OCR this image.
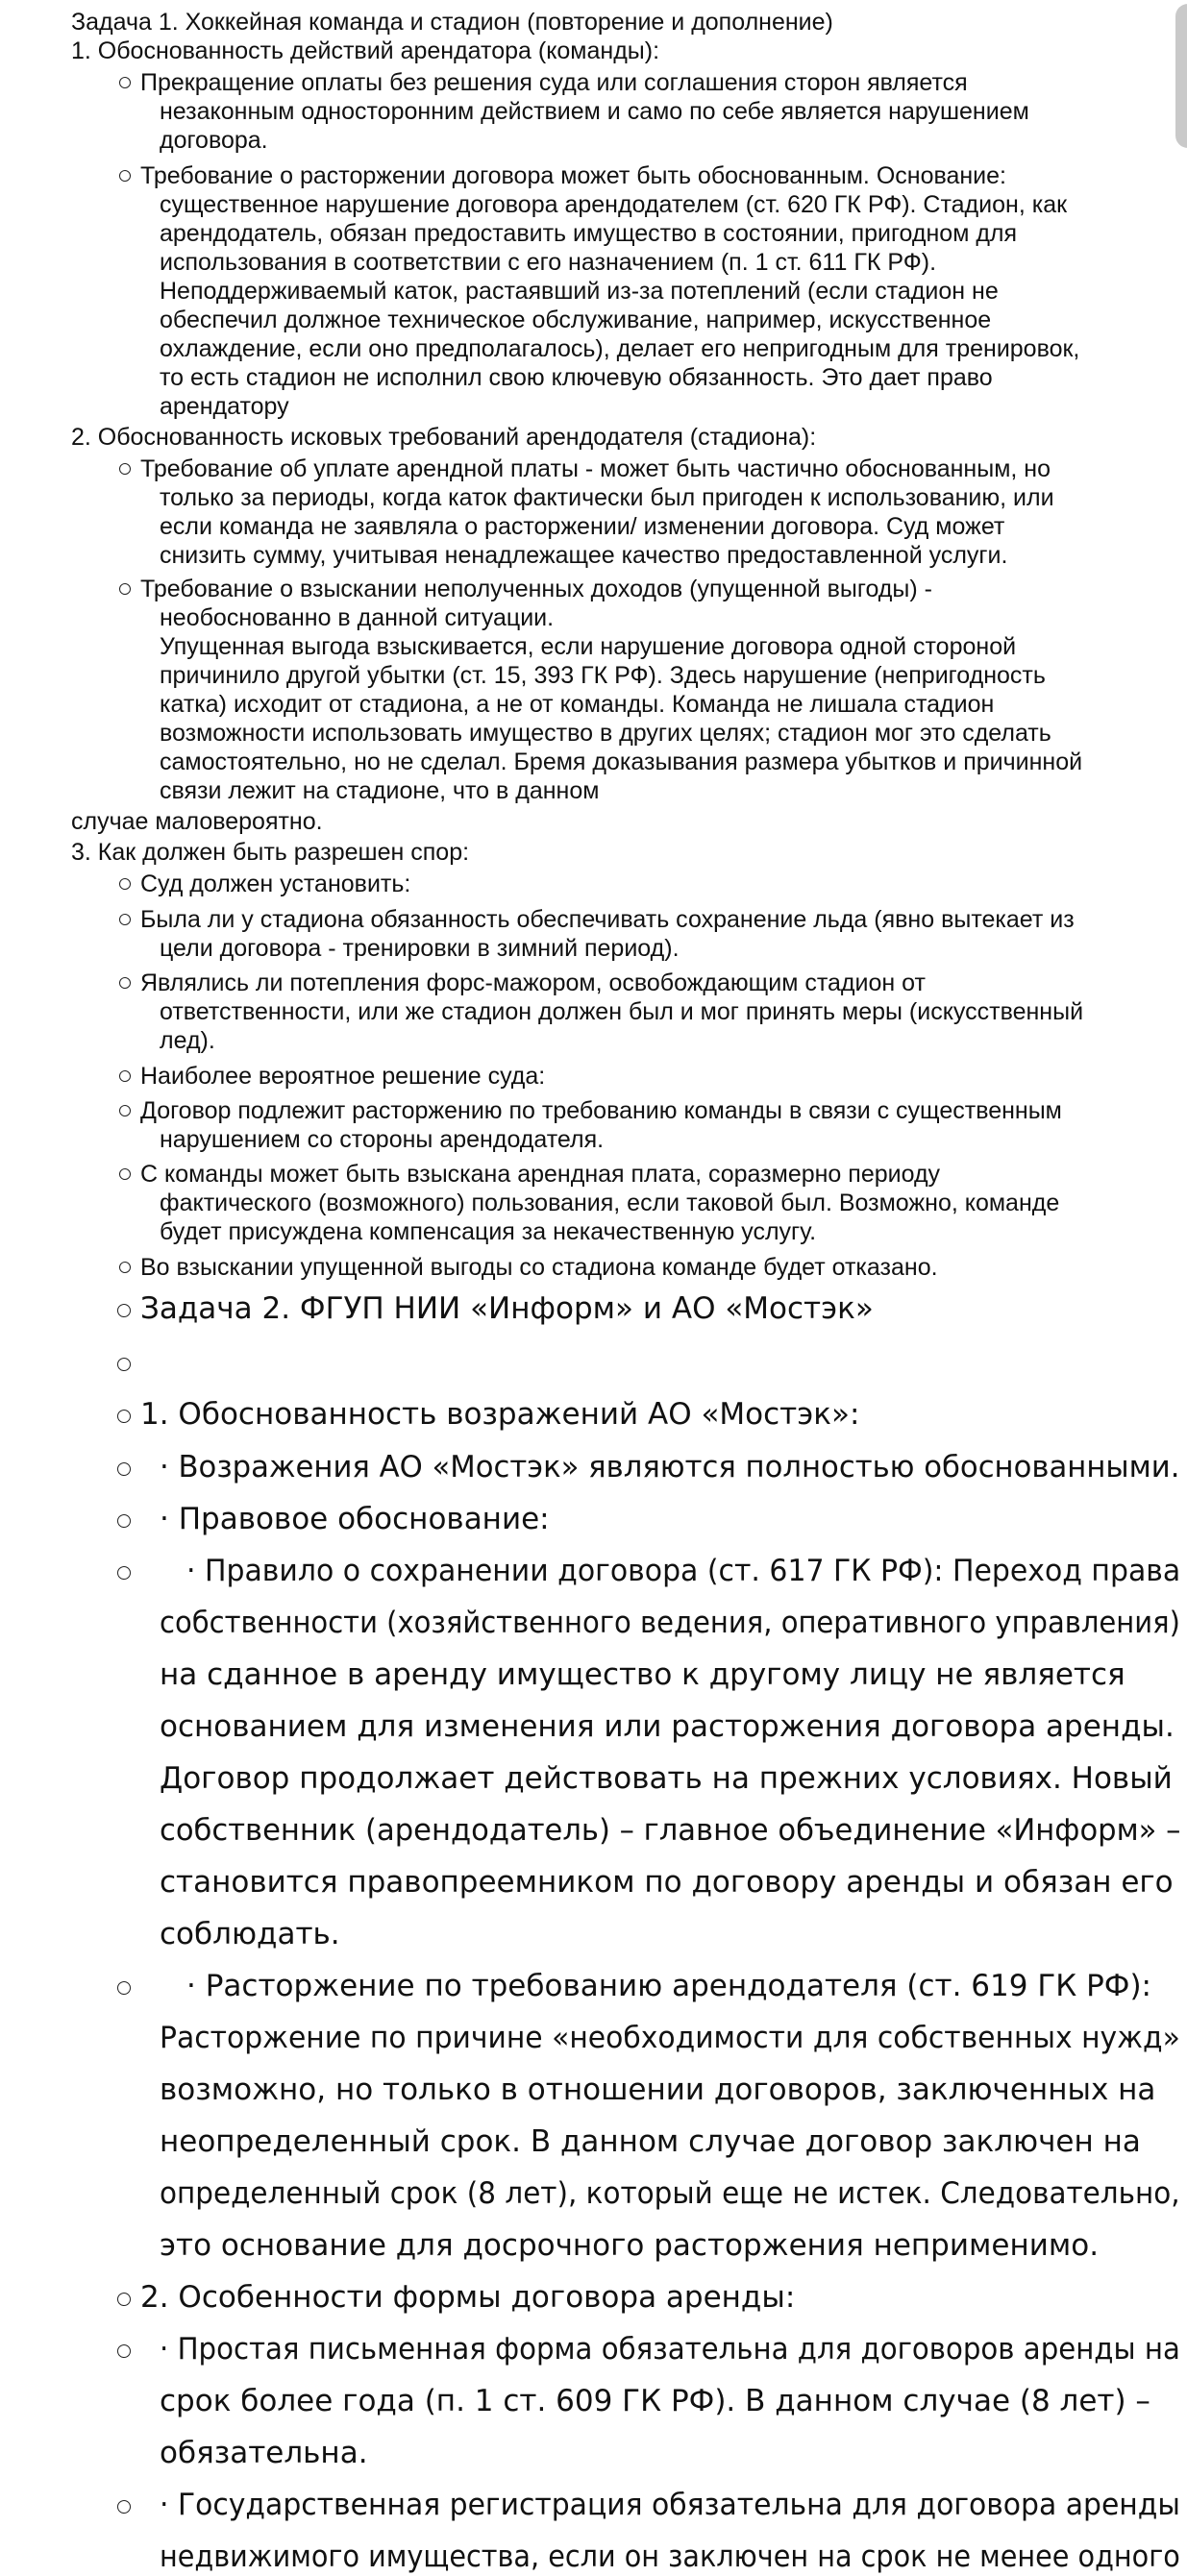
Задача 1. Хоккейная команда и стадион (повторение и дополнение)
1. Обоснованность действий арендатора (команды):
Прекращение оплаты без решения суда или соглашения сторон является
незаконным односторонним действием и само по себе является нарушением
договора.
Требование о расторжении договора может быть обоснованным. Основание:
существенное нарушение договора арендодателем (ст. 620 ГК РФ). Стадион, как
арендодатель, обязан предоставить имущество в состоянии, пригодном для
использования в соответствии с его назначением (п. 1 ст. 611 ГК РФ).
Неподдерживаемый каток, растаявший из-за потеплений (если стадион не
обеспечил должное техническое обслуживание, например, искусственное
охлаждение, если оно предполагалось), делает его непригодным для тренировок,
то есть стадион не исполнил свою ключевую обязанность. Это дает право
арендатору
2. Обоснованность исковых требований арендодателя (стадиона):
Требование об уплате арендной платы - может быть частично обоснованным, но
только за периоды, когда каток фактически был пригоден к использованию, или
если команда не заявляла о расторжении/ изменении договора. Суд может
снизить сумму, учитывая ненадлежащее качество предоставленной услуги.
Требование о взыскании неполученных доходов (упущенной выгоды) -
необоснованно в данной ситуации.
Упущенная выгода взыскивается, если нарушение договора одной стороной
причинило другой убытки (ст. 15, 393 ГК РФ). Здесь нарушение (непригодность
катка) исходит от стадиона, а не от команды. Команда не лишала стадион
возможности использовать имущество в других целях; стадион мог это сделать
самостоятельно, но не сделал. Бремя доказывания размера убытков и причинной
связи лежит на стадионе, что в данном
случае маловероятно.
3. Как должен быть разрешен спор:
Суд должен установить:
Была ли у стадиона обязанность обеспечивать сохранение льда (явно вытекает из
цели договора - тренировки в зимний период).
Являлись ли потепления форс-мажором, освобождающим стадион от
ответственности, или же стадион должен был и мог принять меры (искусственный
лед).
Наиболее вероятное решение суда:
Договор подлежит расторжению по требованию команды в связи с существенным
нарушением со стороны арендодателя.
С команды может быть взыскана арендная плата, соразмерно периоду
фактического (возможного) пользования, если таковой был. Возможно, команде
будет присуждена компенсация за некачественную услугу.
Во взыскании упущенной выгоды со стадиона команде будет отказано.
Задача 2. ФГУП НИИ «Информ» и АО «Мостэк»
1. Обоснованность возражений АО «Мостэк»:
· Возражения АО «Мостэк» являются полностью обоснованными.
· Правовое обоснование:
· Правило о сохранении договора (ст. 617 ГК РФ): Переход права
собственности (хозяйственного ведения, оперативного управления)
на сданное в аренду имущество к другому лицу не является
основанием для изменения или расторжения договора аренды.
Договор продолжает действовать на прежних условиях. Новый
собственник (арендодатель) – главное объединение «Информ» –
становится правопреемником по договору аренды и обязан его
соблюдать.
· Расторжение по требованию арендодателя (ст. 619 ГК РФ):
Расторжение по причине «необходимости для собственных нужд»
возможно, но только в отношении договоров, заключенных на
неопределенный срок. В данном случае договор заключен на
определенный срок (8 лет), который еще не истек. Следовательно,
это основание для досрочного расторжения неприменимо.
2. Особенности формы договора аренды:
· Простая письменная форма обязательна для договоров аренды на
срок более года (п. 1 ст. 609 ГК РФ). В данном случае (8 лет) –
обязательна.
· Государственная регистрация обязательна для договора аренды
недвижимого имущества, если он заключен на срок не менее одного
